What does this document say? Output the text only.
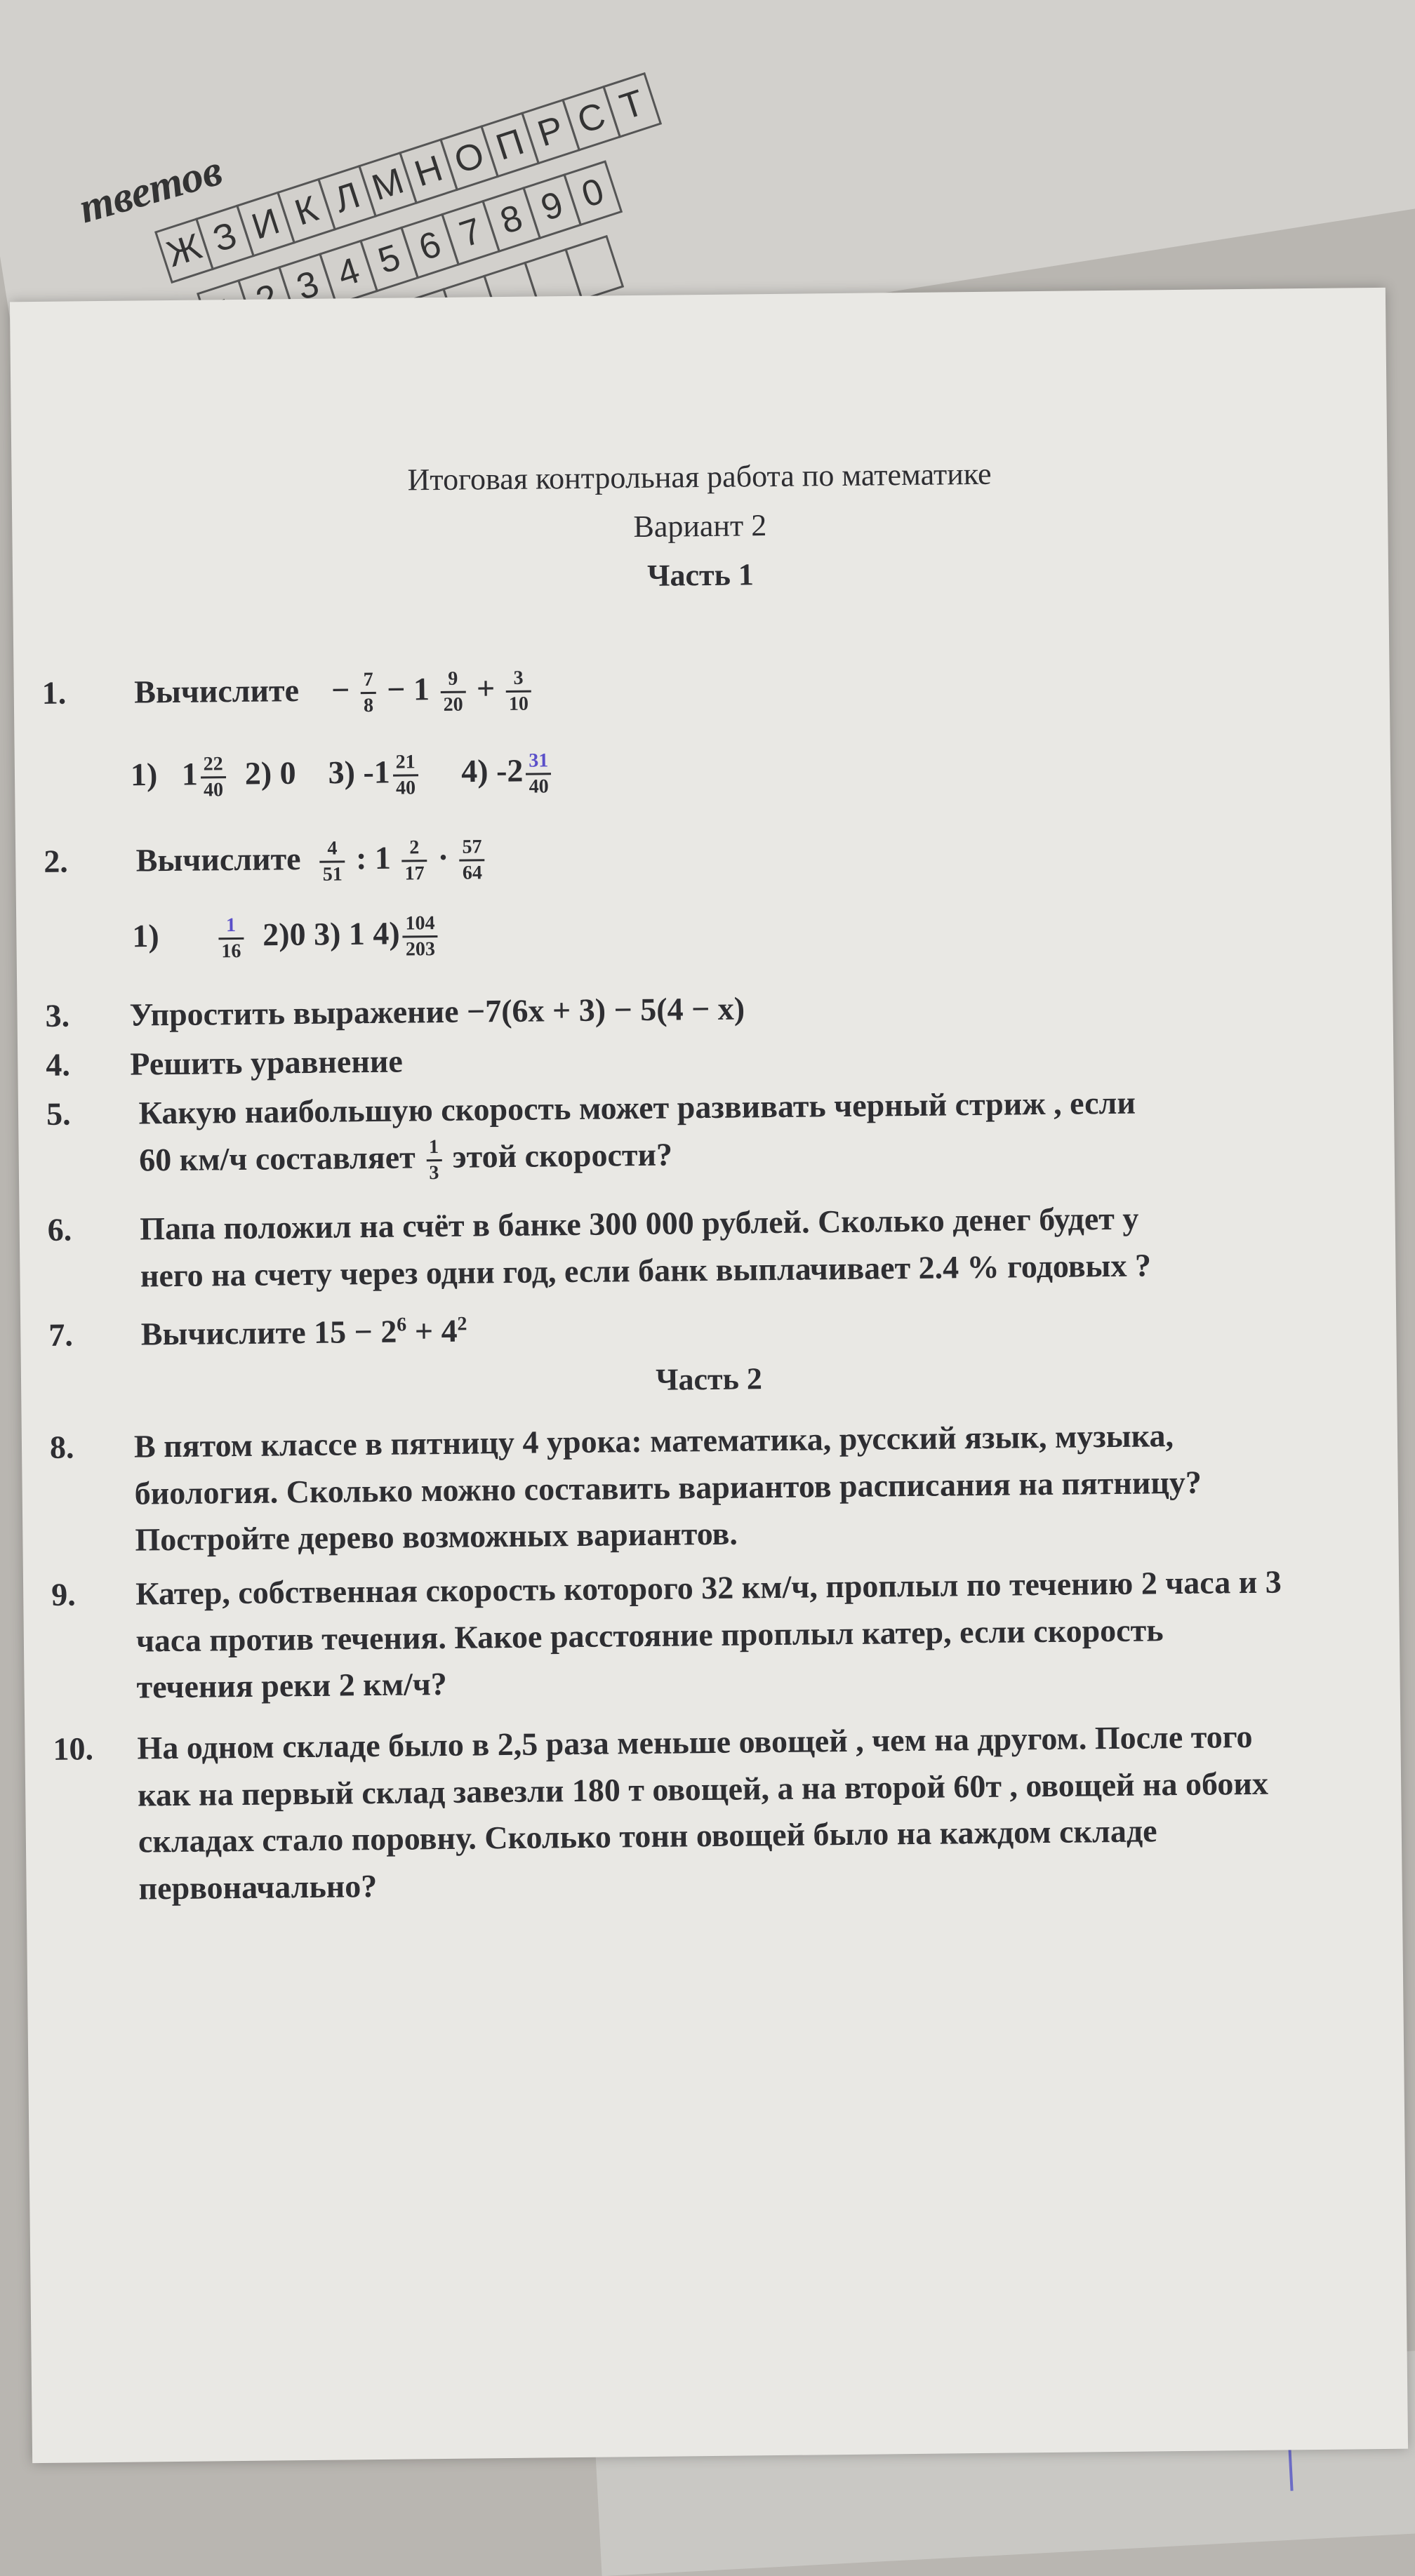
тветов
Ж З И К Л М Н О П Р С Т
3 4 5 6 7 8 9 0
Итоговая контрольная работа по математике
Вариант 2
Часть 1
1. Вычислите − $\frac{7}{8} - 1 \frac{9}{20} + \frac{3}{10}$
1) $1 \frac{22}{40} 2$) 0 3) $-1 \frac{21}{40} 4$) $-2 \frac{31}{40}$
2. Вычислите $\frac{4}{51}$ : $1 \frac{2}{17} \cdot \frac{57}{64}$
1)	$\frac{1}{16} 2)0$ 3) 1 $4) \frac{104}{203}$
3. Упростить выражение −7(6x + 3) − 5(4 − x)
4. Решить уравнение
5. Какую наибольшую скорость может развивать черный стриж , если
60 км/ч составляет $\frac{1}{3}$ этой скорости?
6. Папа положил на счёт в банке 300 000 рублей. Сколько денег будет у
него на счету через одни год, если банк выплачивает 2.4 % годовых ?
7. Вычислите $15 - 2^6 + 4^2$
Часть 2
8. В пятом классе в пятницу 4 урока: математика, русский язык, музыка, биология. Сколько можно составить вариантов расписания на пятницу? Постройте дерево возможных вариантов.
9. Катер, собственная скорость которого 32 км/ч, проплыл по течению 2 часа и 3 часа против течения. Какое расстояние проплыл катер, если скорость течения реки 2 км/ч?
10. На одном складе было в 2,5 раза меньше овощей , чем на другом. После того как на первый склад завезли 180 т овощей, а на второй 60т , овощей на обоих складах стало поровну. Сколько тонн овощей было на каждом складе первоначально?
